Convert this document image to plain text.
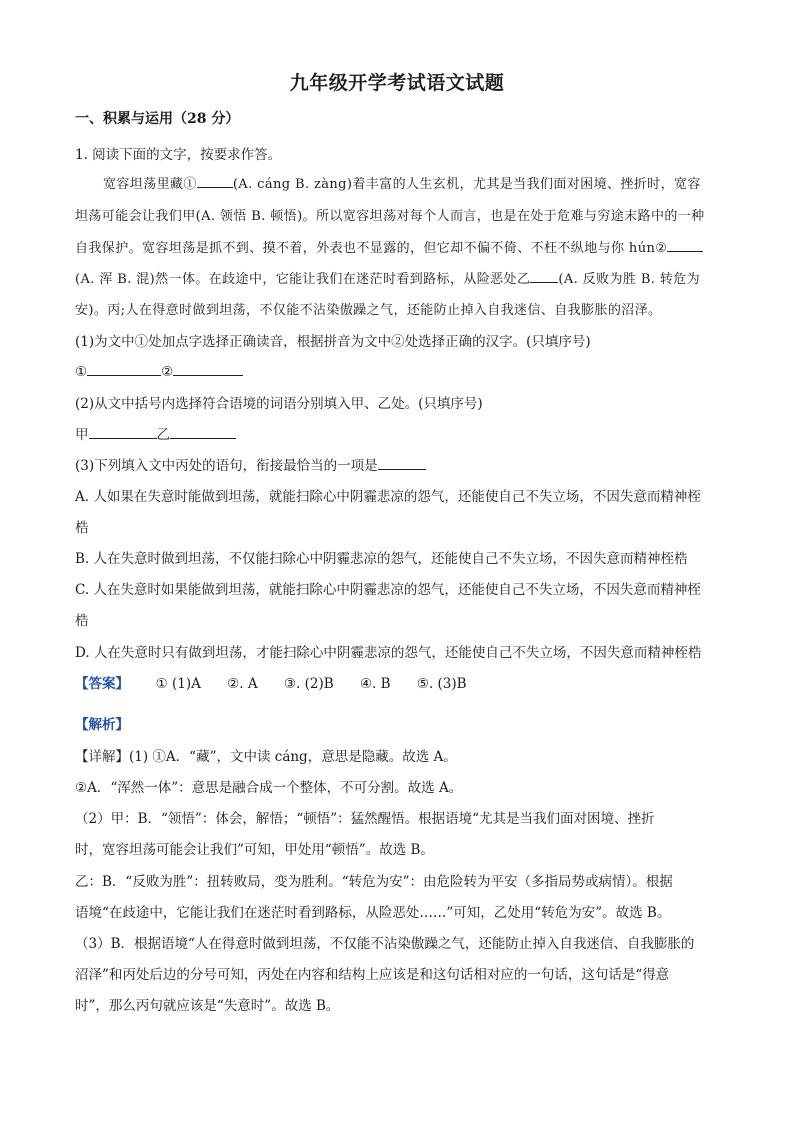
九年级开学考试语文试题
一、积累与运用（28 分）
1. 阅读下面的文字，按要求作答。
宽容坦荡里藏①	(A. cáng B. zàng)着丰富的人生玄机，尤其是当我们面对困境、挫折时，宽容
坦荡可能会让我们甲(A. 领悟 B. 顿悟)。所以宽容坦荡对每个人而言，也是在处于危难与穷途末路中的一种
自我保护。宽容坦荡是抓不到、摸不着，外表也不显露的，但它却不偏不倚、不枉不纵地与你 hún②
(A. 浑 B. 混)然一体。在歧途中，它能让我们在迷茫时看到路标，从险恶处乙 (A. 反败为胜 B. 转危为
安)。丙;人在得意时做到坦荡，不仅能不沾染傲躁之气，还能防止掉入自我迷信、自我膨胀的沼泽。
(1)为文中①处加点字选择正确读音，根据拼音为文中②处选择正确的汉字。(只填序号)
①	②
(2)从文中括号内选择符合语境的词语分别填入甲、乙处。(只填序号)
甲	乙
(3)下列填入文中丙处的语句，衔接最恰当的一项是
A. 人如果在失意时能做到坦荡，就能扫除心中阴霾悲凉的怨气，还能使自己不失立场，不因失意而精神桎
梏
B. 人在失意时做到坦荡，不仅能扫除心中阴霾悲凉的怨气，还能使自己不失立场，不因失意而精神桎梏
C. 人在失意时如果能做到坦荡，就能扫除心中阴霾悲凉的怨气，还能使自己不失立场，不因失意而精神桎
梏
D. 人在失意时只有做到坦荡，才能扫除心中阴霾悲凉的怨气，还能使自己不失立场，不因失意而精神桎梏
【答案】 ① (1)A ②. A ③. (2)B ④. B ⑤. (3)B
【解析】
【详解】(1) ①A．“藏”，文中读 cáng，意思是隐藏。故选 A。
②A．“浑然一体”：意思是融合成一个整体，不可分割。故选 A。
（2）甲：B．“领悟”：体会，解悟；“顿悟”：猛然醒悟。根据语境“尤其是当我们面对困境、挫折
时，宽容坦荡可能会让我们”可知，甲处用“顿悟”。故选 B。
乙：B．“反败为胜”：扭转败局，变为胜利。“转危为安”：由危险转为平安（多指局势或病情）。根据
语境“在歧途中，它能让我们在迷茫时看到路标，从险恶处……”可知，乙处用“转危为安”。故选 B。
（3）B．根据语境“人在得意时做到坦荡，不仅能不沾染傲躁之气，还能防止掉入自我迷信、自我膨胀的
沼泽”和丙处后边的分号可知，丙处在内容和结构上应该是和这句话相对应的一句话，这句话是“得意
时”，那么丙句就应该是“失意时”。故选 B。
